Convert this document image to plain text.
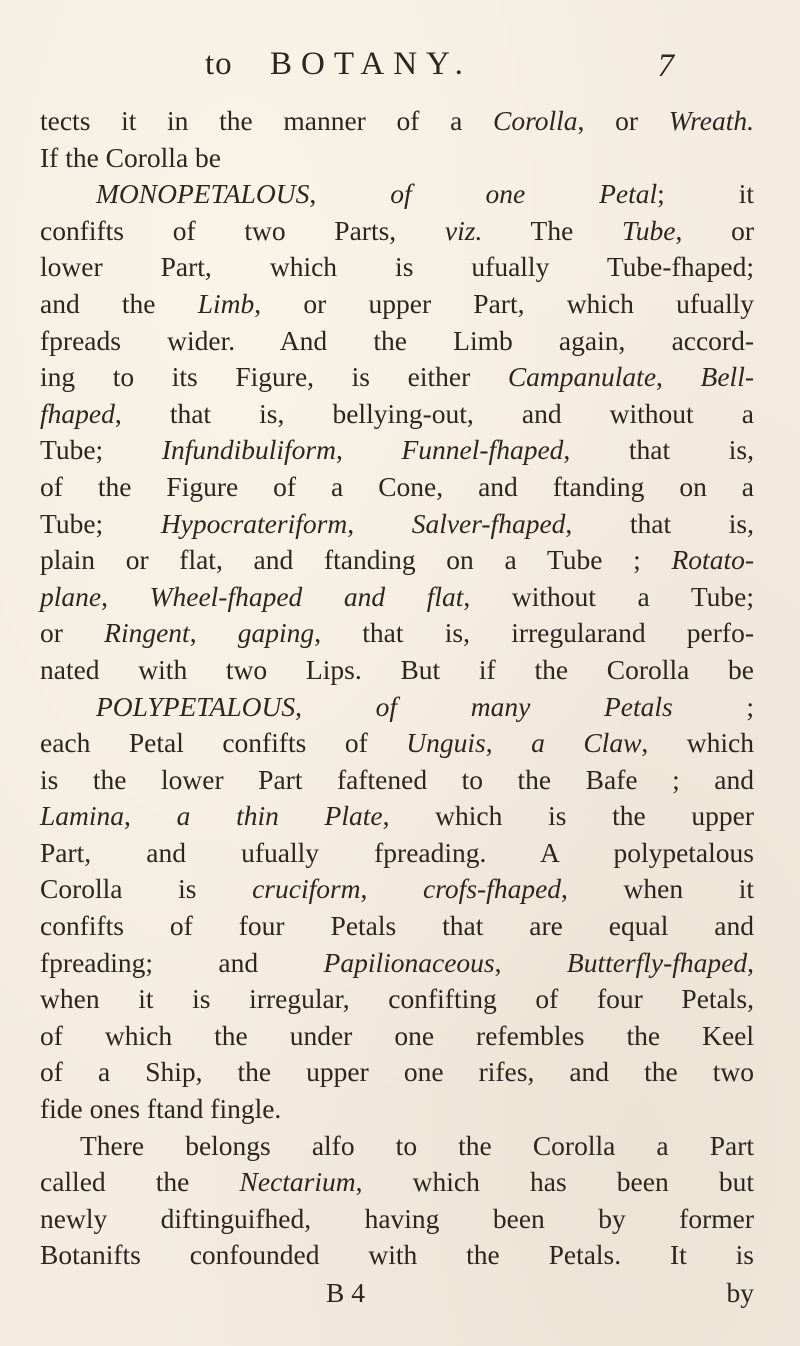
to BOTANY.	7
tects it in the manner of a Corolla, or Wreath.
If the Corolla be
MONOPETALOUS, of one Petal; it
confifts of two Parts, viz. The Tube, or
lower Part, which is ufually Tube-fhaped;
and the Limb, or upper Part, which ufually
fpreads wider. And the Limb again, accord-
ing to its Figure, is either Campanulate, Bell-
fhaped, that is, bellying-out, and without a
Tube; Infundibuliform, Funnel-fhaped, that is,
of the Figure of a Cone, and ftanding on a
Tube; Hypocrateriform, Salver-fhaped, that is,
plain or flat, and ftanding on a Tube ; Rotato-
plane, Wheel-fhaped and flat, without a Tube;
or Ringent, gaping, that is, irregularand perfo-
nated with two Lips. But if the Corolla be
POLYPETALOUS, of many Petals ;
each Petal confifts of Unguis, a Claw, which
is the lower Part faftened to the Bafe ; and
Lamina, a thin Plate, which is the upper
Part, and ufually fpreading. A polypetalous
Corolla is cruciform, crofs-fhaped, when it
confifts of four Petals that are equal and
fpreading; and Papilionaceous, Butterfly-fhaped,
when it is irregular, confifting of four Petals,
of which the under one refembles the Keel
of a Ship, the upper one rifes, and the two
fide ones ftand fingle.
There belongs alfo to the Corolla a Part
called the Nectarium, which has been but
newly diftinguifhed, having been by former
Botanifts confounded with the Petals. It is
B 4	by
